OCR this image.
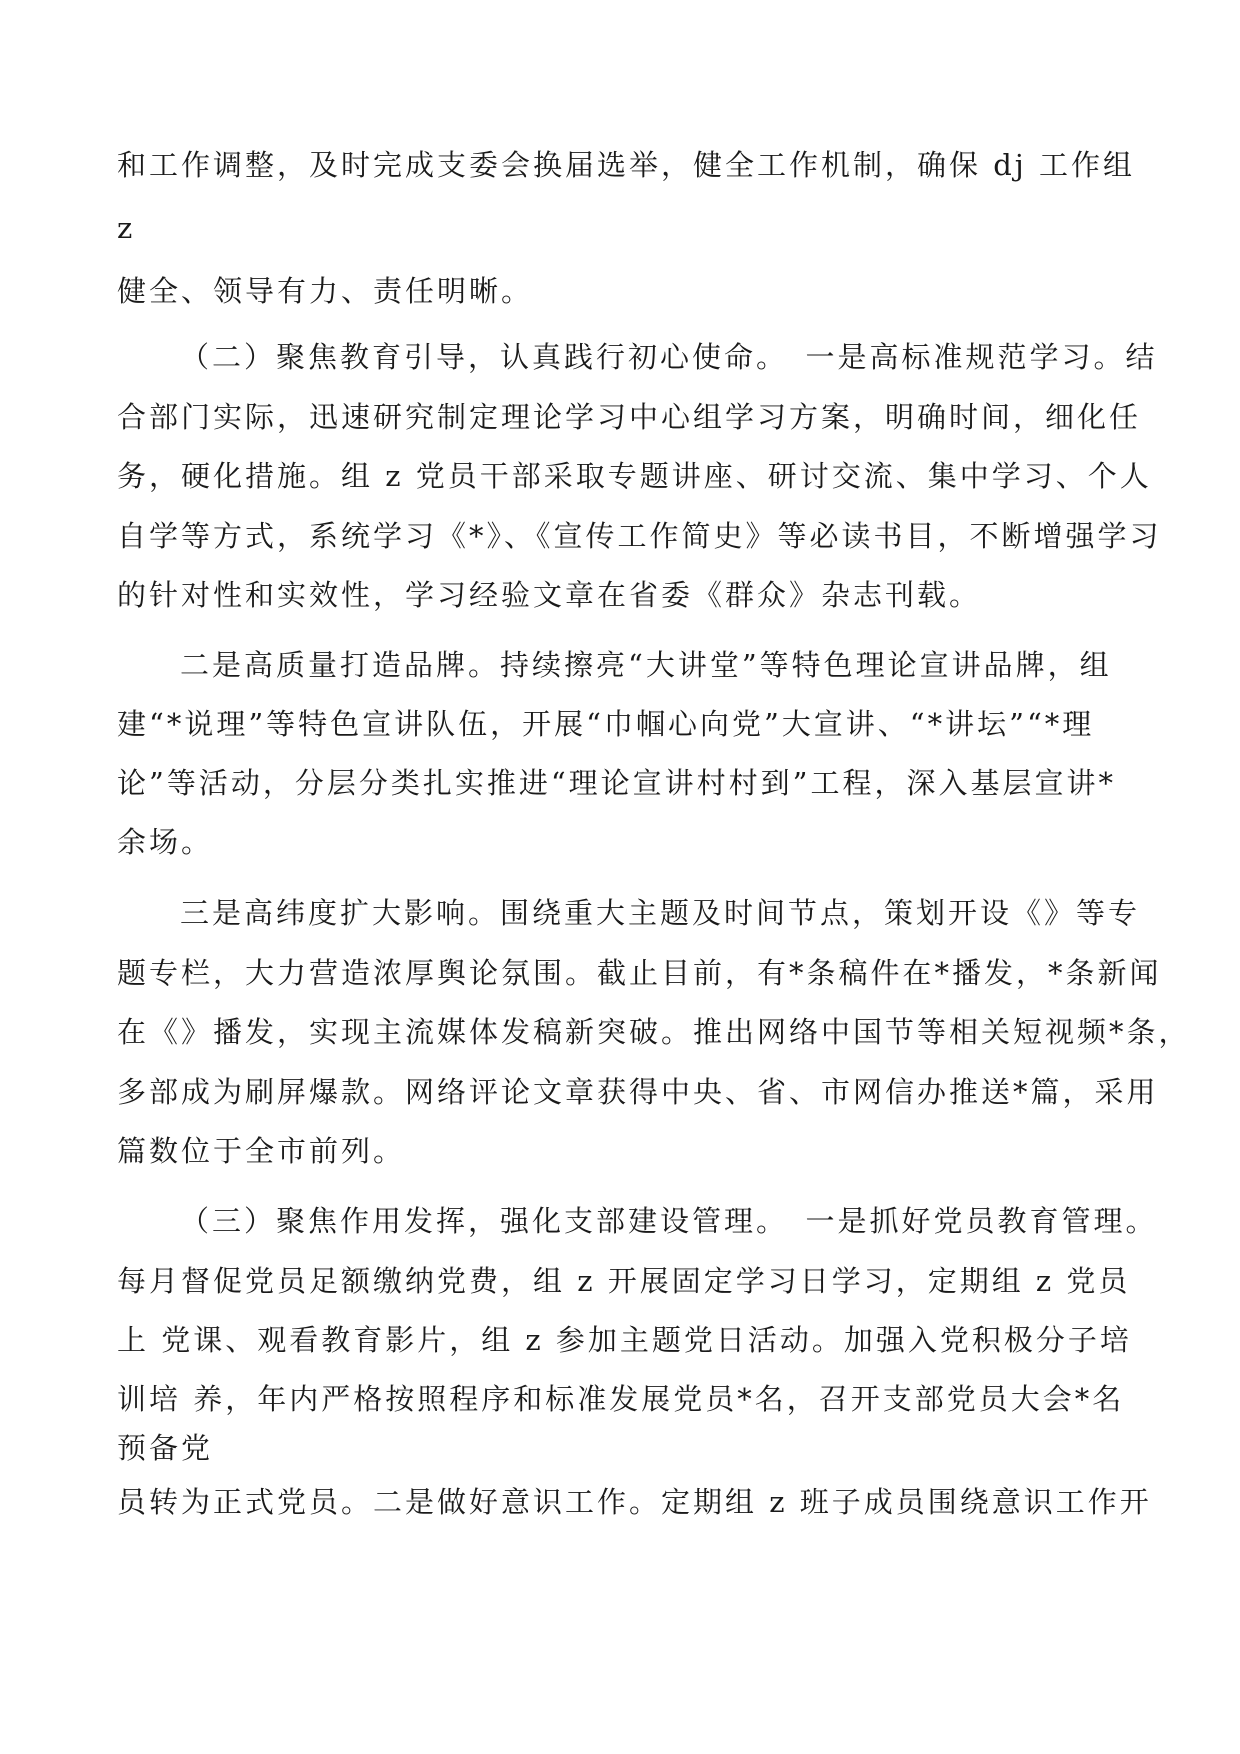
和工作调整，及时完成支委会换届选举，健全工作机制，确保 dj 工作组
z
健全、领导有力、责任明晰。
（二）聚焦教育引导，认真践行初心使命。　一是高标准规范学习。结
合部门实际，迅速研究制定理论学习中心组学习方案，明确时间，细化任
务，硬化措施。组 z 党员干部采取专题讲座、研讨交流、集中学习、个人
自学等方式，系统学习《*》、《宣传工作简史》等必读书目，不断增强学习
的针对性和实效性，学习经验文章在省委《群众》杂志刊载。
二是高质量打造品牌。持续擦亮“大讲堂”等特色理论宣讲品牌，组
建“*说理”等特色宣讲队伍，开展“巾帼心向党”大宣讲、“*讲坛”“*理
论”等活动，分层分类扎实推进“理论宣讲村村到”工程，深入基层宣讲*
余场。
三是高纬度扩大影响。围绕重大主题及时间节点，策划开设《》等专
题专栏，大力营造浓厚舆论氛围。截止目前，有*条稿件在*播发，*条新闻
在《》播发，实现主流媒体发稿新突破。推出网络中国节等相关短视频*条，
多部成为刷屏爆款。网络评论文章获得中央、省、市网信办推送*篇，采用
篇数位于全市前列。
（三）聚焦作用发挥，强化支部建设管理。　一是抓好党员教育管理。
每月督促党员足额缴纳党费，组 z 开展固定学习日学习，定期组 z 党员
上 党课、观看教育影片，组 z 参加主题党日活动。加强入党积极分子培
训培 养，年内严格按照程序和标准发展党员*名，召开支部党员大会*名
预备党
员转为正式党员。二是做好意识工作。定期组 z 班子成员围绕意识工作开
